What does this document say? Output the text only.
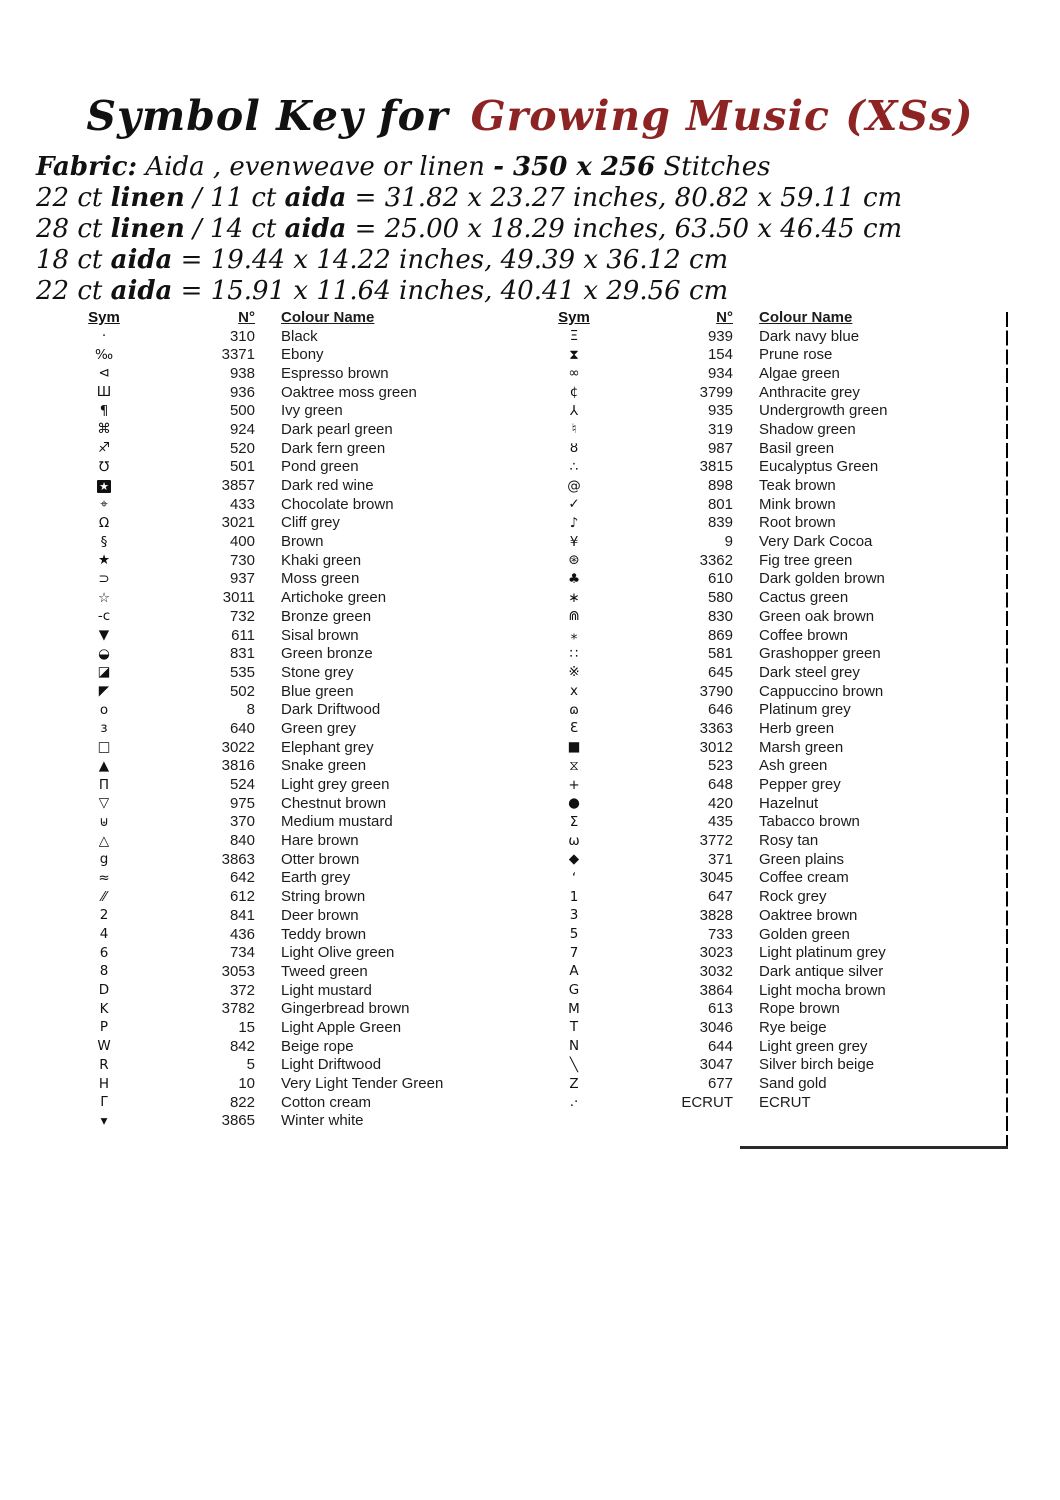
Symbol Key for Growing Music (XSs)
Fabric: Aida , evenweave or linen - 350 x 256 Stitches
22 ct linen / 11 ct aida = 31.82 x 23.27 inches, 80.82 x 59.11 cm
28 ct linen / 14 ct aida = 25.00 x 18.29 inches, 63.50 x 46.45 cm
18 ct aida = 19.44 x 14.22 inches, 49.39 x 36.12 cm
22 ct aida = 15.91 x 11.64 inches, 40.41 x 29.56 cm
Sym	N°	Colour Name
·	310	Black
‰	3371	Ebony
⊲	938	Espresso brown
Ш	936	Oaktree moss green
¶	500	Ivy green
⌘	924	Dark pearl green
♐	520	Dark fern green
℧	501	Pond green
★	3857	Dark red wine
⌖	433	Chocolate brown
Ω	3021	Cliff grey
§	400	Brown
★	730	Khaki green
⊃	937	Moss green
☆	3011	Artichoke green
-c	732	Bronze green
▼	611	Sisal brown
◒	831	Green bronze
◪	535	Stone grey
◤	502	Blue green
o	8	Dark Driftwood
ɜ	640	Green grey
□	3022	Elephant grey
▲	3816	Snake green
Π	524	Light grey green
▽	975	Chestnut brown
⊎	370	Medium mustard
△	840	Hare brown
g	3863	Otter brown
≈	642	Earth grey
⁄⁄	612	String brown
2	841	Deer brown
4	436	Teddy brown
6	734	Light Olive green
8	3053	Tweed green
D	372	Light mustard
K	3782	Gingerbread brown
P	15	Light Apple Green
W	842	Beige rope
R	5	Light Driftwood
H	10	Very Light Tender Green
Γ	822	Cotton cream
▾	3865	Winter white
Sym	N°	Colour Name
Ξ	939	Dark navy blue
⧗	154	Prune rose
∞	934	Algae green
¢	3799	Anthracite grey
⅄	935	Undergrowth green
♮	319	Shadow green
ȣ	987	Basil green
∴	3815	Eucalyptus Green
@	898	Teak brown
✓	801	Mink brown
♪	839	Root brown
¥	9	Very Dark Cocoa
⊛	3362	Fig tree green
♣	610	Dark golden brown
∗	580	Cactus green
⋒	830	Green oak brown
⁎	869	Coffee brown
∷	581	Grashopper green
※	645	Dark steel grey
x	3790	Cappuccino brown
ɷ	646	Platinum grey
Ɛ	3363	Herb green
■	3012	Marsh green
⧖	523	Ash green
+	648	Pepper grey
●	420	Hazelnut
Σ	435	Tabacco brown
ω	3772	Rosy tan
◆	371	Green plains
ʻ	3045	Coffee cream
1	647	Rock grey
3	3828	Oaktree brown
5	733	Golden green
7	3023	Light platinum grey
A	3032	Dark antique silver
G	3864	Light mocha brown
M	613	Rope brown
T	3046	Rye beige
N	644	Light green grey
╲	3047	Silver birch beige
Z	677	Sand gold
.·	ECRUT	ECRUT
